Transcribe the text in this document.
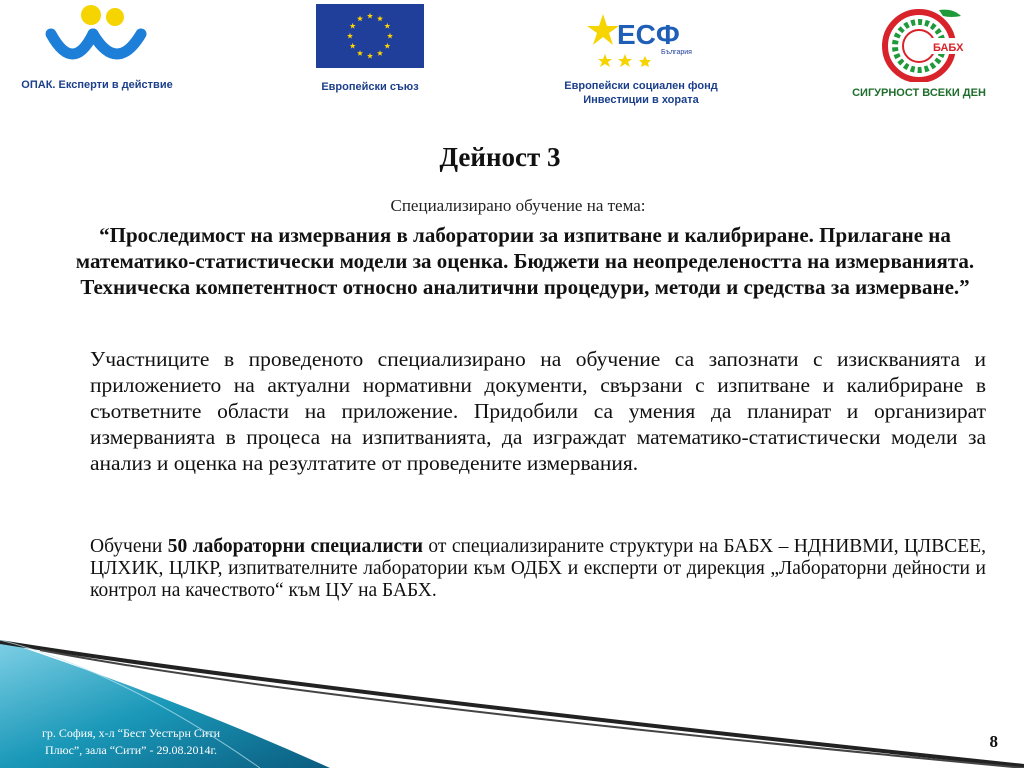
ОПАК. Експерти в действие	Европейски съюз
ЕСФ
България
Европейски социален фонд
Инвестиции в хората
БАБХ
СИГУРНОСТ ВСЕКИ ДЕН
Дейност 3
Специализирано обучение на тема:
“Проследимост на измервания в лаборатории за изпитване и калибриране. Прилагане на математико-статистически модели за оценка. Бюджети на неопределеността на измерванията. Техническа компетентност относно аналитични процедури, методи и средства за измерване.”
Участниците в проведеното специализирано на обучение са запознати с изискванията и приложението на актуални нормативни документи, свързани с изпитване и калибриране в съответните области на приложение. Придобили са умения да планират и организират измерванията в процеса на изпитванията, да изграждат математико-статистически модели за анализ и оценка на резултатите от проведените измервания.
Обучени 50 лабораторни специалисти от специализираните структури на БАБХ – НДНИВМИ, ЦЛВСЕЕ, ЦЛХИК, ЦЛКР, изпитвателните лаборатории към ОДБХ и експерти от дирекция „Лабораторни дейности и контрол на качеството“ към ЦУ на БАБХ.
гр. София, х-л “Бест Уестърн Сити
Плюс”, зала “Сити” - 29.08.2014г.	8
